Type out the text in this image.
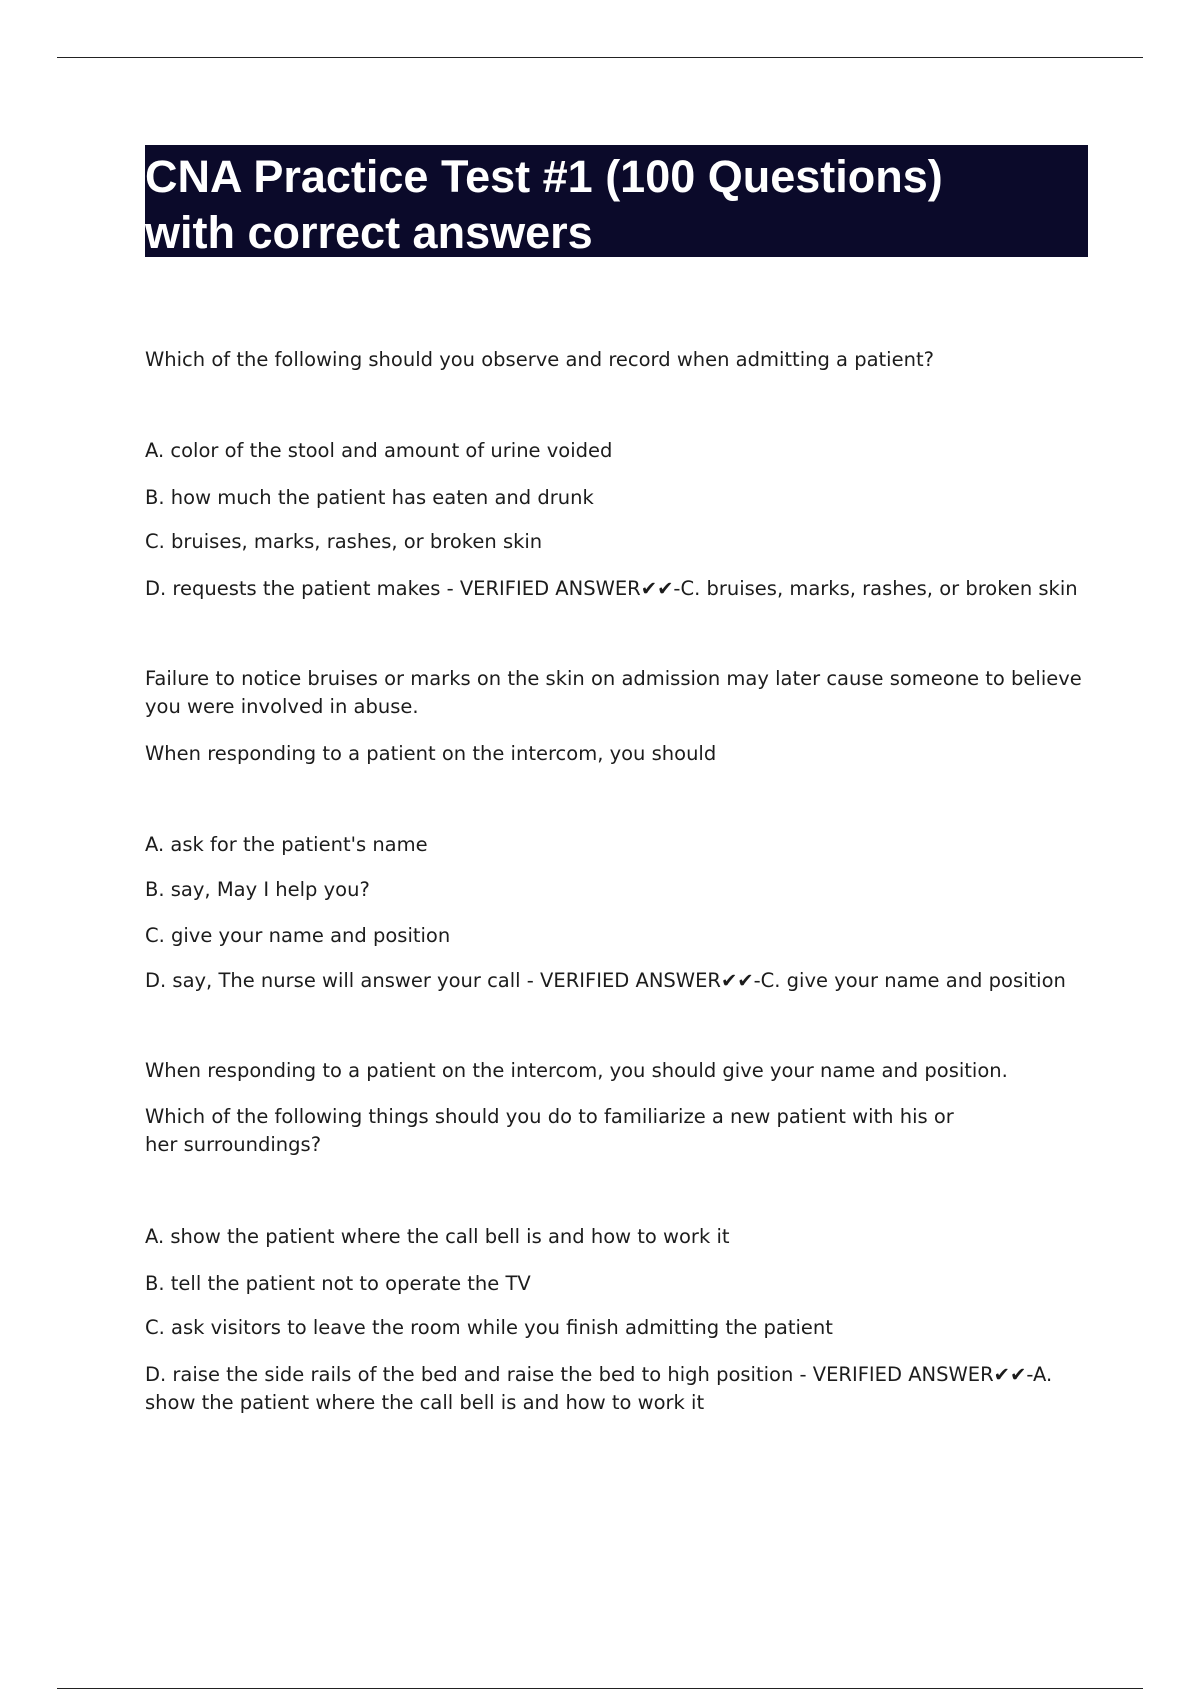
CNA Practice Test #1 (100 Questions)
with correct answers
Which of the following should you observe and record when admitting a patient?
A. color of the stool and amount of urine voided
B. how much the patient has eaten and drunk
C. bruises, marks, rashes, or broken skin
D. requests the patient makes - VERIFIED ANSWER✔✔-C. bruises, marks, rashes, or broken skin
Failure to notice bruises or marks on the skin on admission may later cause someone to believe you were involved in abuse.
When responding to a patient on the intercom, you should
A. ask for the patient's name
B. say, May I help you?
C. give your name and position
D. say, The nurse will answer your call - VERIFIED ANSWER✔✔-C. give your name and position
When responding to a patient on the intercom, you should give your name and position.
Which of the following things should you do to familiarize a new patient with his or her surroundings?
A. show the patient where the call bell is and how to work it
B. tell the patient not to operate the TV
C. ask visitors to leave the room while you finish admitting the patient
D. raise the side rails of the bed and raise the bed to high position - VERIFIED ANSWER✔✔-A. show the patient where the call bell is and how to work it
